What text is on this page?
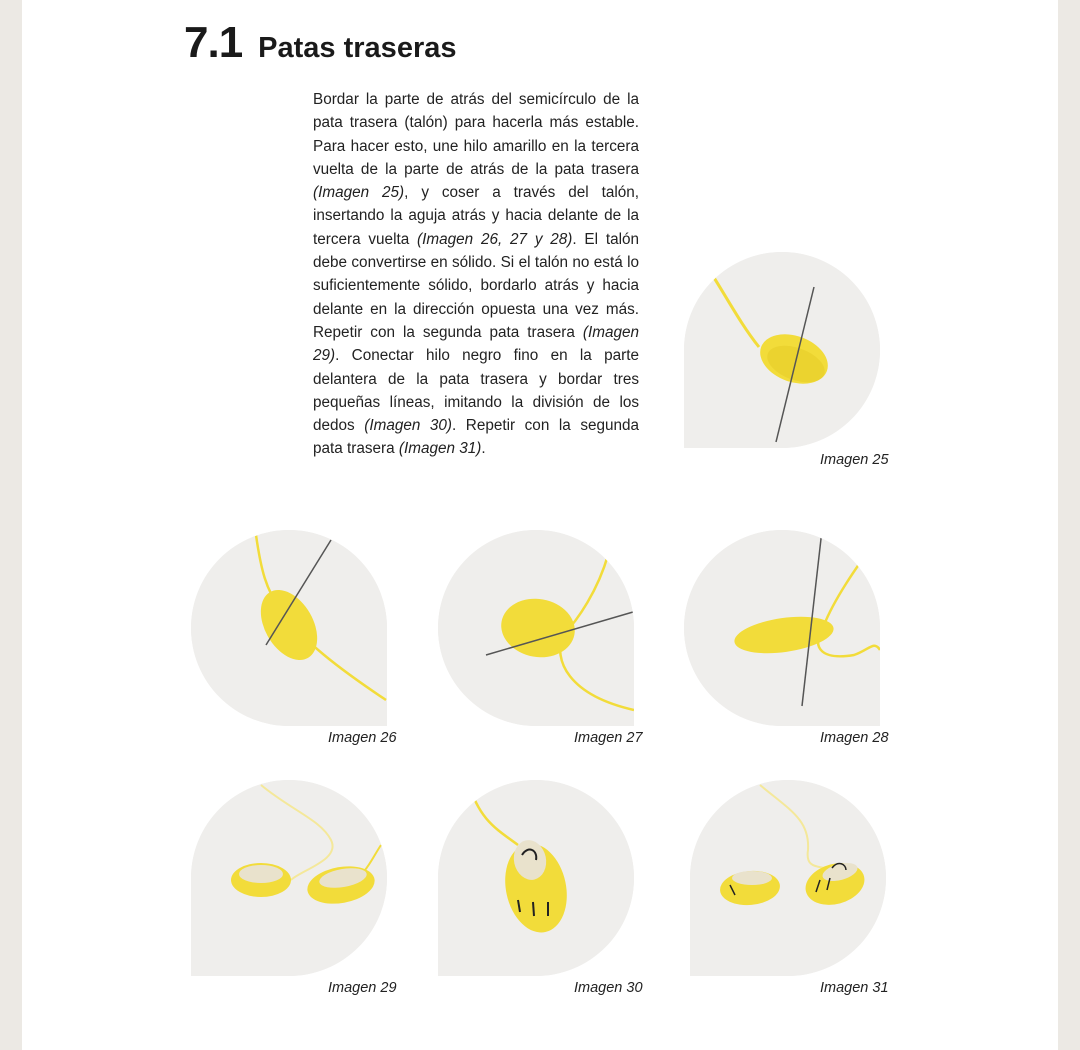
7.1 Patas traseras

Bordar la parte de atrás del semicírculo de la pata trasera (talón) para hacerla más estable. Para hacer esto, une hilo amarillo en la tercera vuelta de la parte de atrás de la pata trasera (Imagen 25), y coser a través del talón, insertando la aguja atrás y hacia delante de la tercera vuelta (Imagen 26, 27 y 28). El talón debe convertirse en sólido. Si el talón no está lo suficientemente sólido, bordarlo atrás y hacia delante en la dirección opuesta una vez más. Repetir con la segunda pata trasera (Imagen 29). Conectar hilo negro fino en la parte delantera de la pata trasera y bordar tres pequeñas líneas, imitando la división de los dedos (Imagen 30). Repetir con la segunda pata trasera (Imagen 31).

Imagen 25
Imagen 26	Imagen 27	Imagen 28
Imagen 29	Imagen 30	Imagen 31
